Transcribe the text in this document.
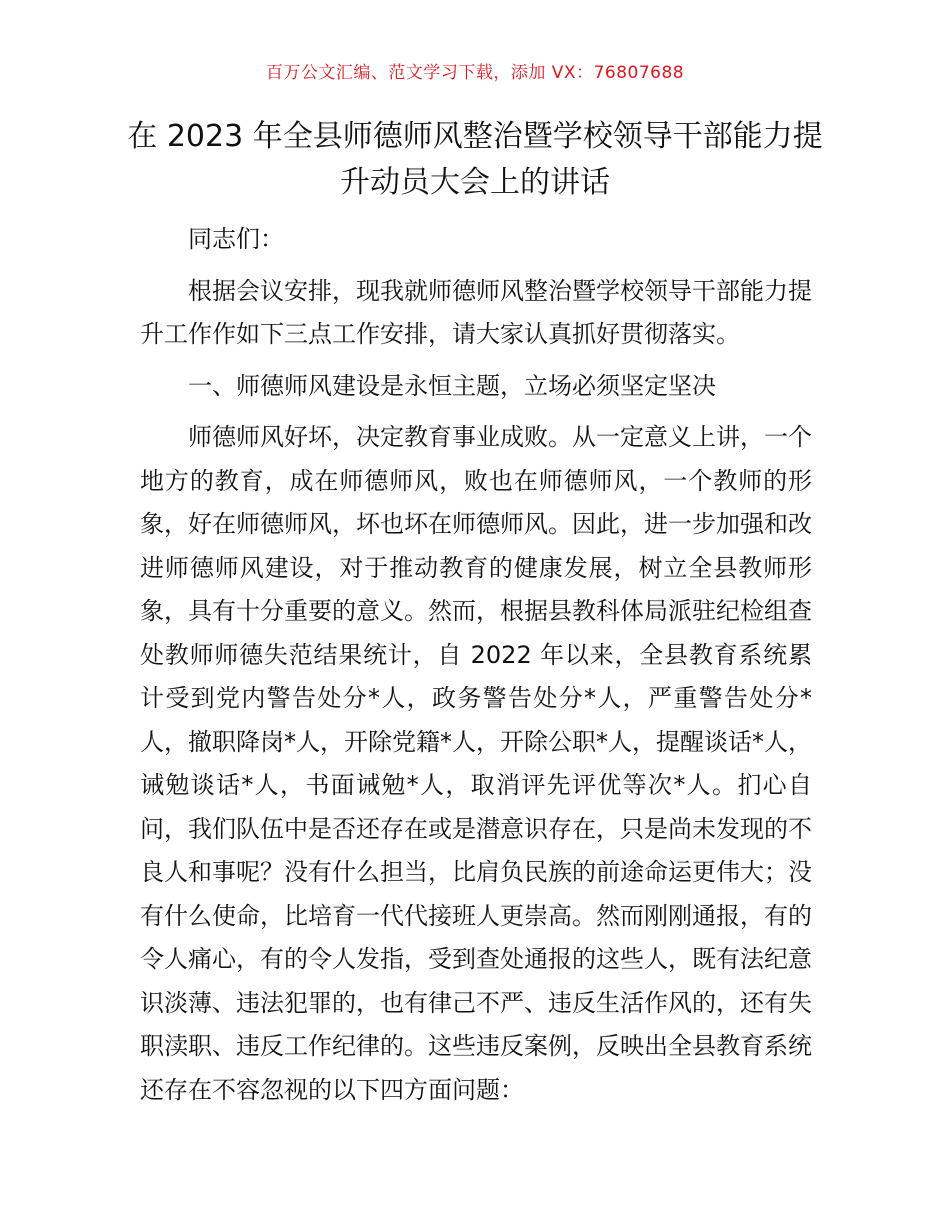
百万公文汇编、范文学习下载，添加 VX：76807688
在 2023 年全县师德师风整治暨学校领导干部能力提升动员大会上的讲话

同志们：

根据会议安排，现我就师德师风整治暨学校领导干部能力提升工作作如下三点工作安排，请大家认真抓好贯彻落实。

一、师德师风建设是永恒主题，立场必须坚定坚决

师德师风好坏，决定教育事业成败。从一定意义上讲，一个地方的教育，成在师德师风，败也在师德师风，一个教师的形象，好在师德师风，坏也坏在师德师风。因此，进一步加强和改进师德师风建设，对于推动教育的健康发展，树立全县教师形象，具有十分重要的意义。然而，根据县教科体局派驻纪检组查处教师师德失范结果统计，自 2022 年以来，全县教育系统累计受到党内警告处分*人，政务警告处分*人，严重警告处分*人，撤职降岗*人，开除党籍*人，开除公职*人，提醒谈话*人，诫勉谈话*人，书面诫勉*人，取消评先评优等次*人。扪心自问，我们队伍中是否还存在或是潜意识存在，只是尚未发现的不良人和事呢？没有什么担当，比肩负民族的前途命运更伟大；没有什么使命，比培育一代代接班人更崇高。然而刚刚通报，有的令人痛心，有的令人发指，受到查处通报的这些人，既有法纪意识淡薄、违法犯罪的，也有律己不严、违反生活作风的，还有失职渎职、违反工作纪律的。这些违反案例，反映出全县教育系统还存在不容忽视的以下四方面问题：
